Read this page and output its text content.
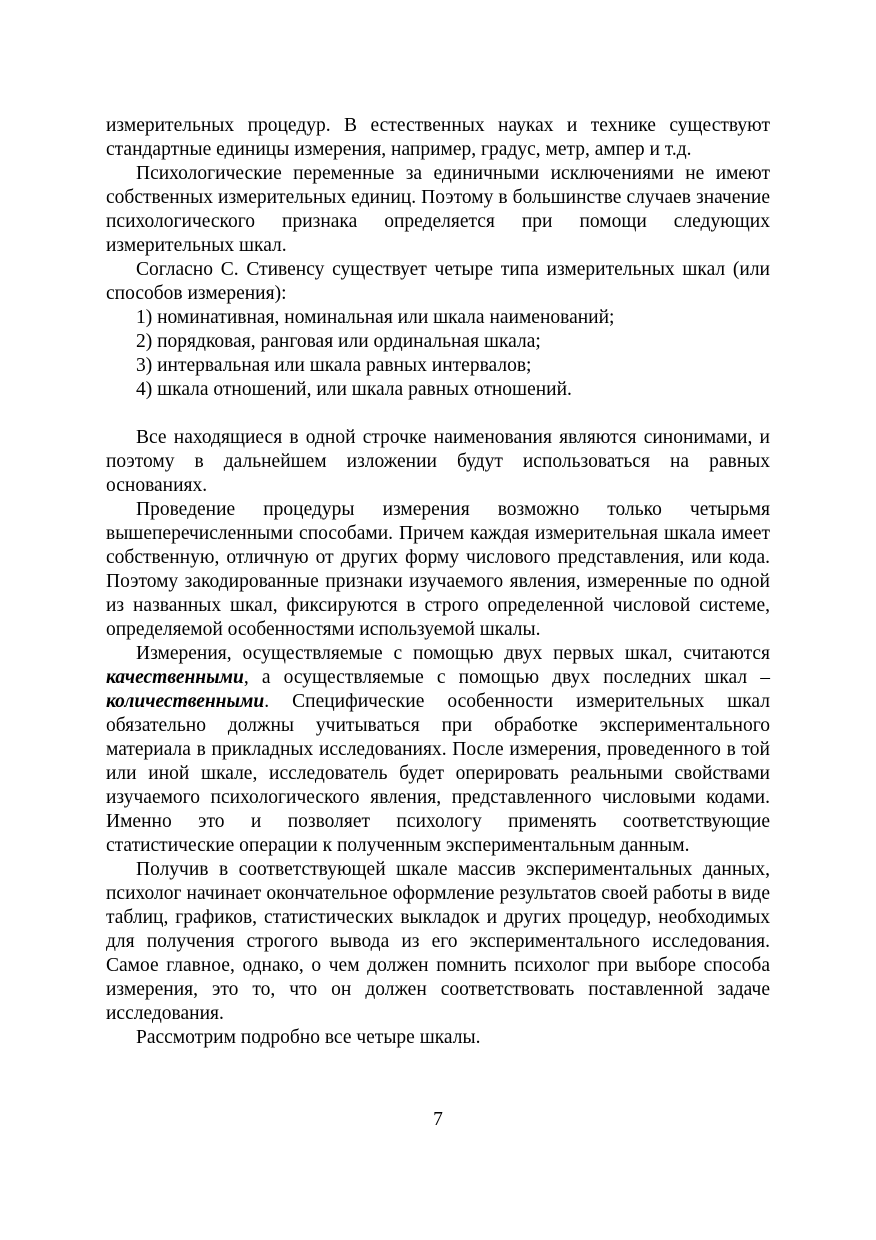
измерительных процедур. В естественных науках и технике существуют стандартные единицы измерения, например, градус, метр, ампер и т.д.

Психологические переменные за единичными исключениями не имеют собственных измерительных единиц. Поэтому в большинстве случаев значение психологического признака определяется при помощи следующих измерительных шкал.

Согласно С. Стивенсу существует четыре типа измерительных шкал (или способов измерения):

1) номинативная, номинальная или шкала наименований;
2) порядковая, ранговая или ординальная шкала;
3) интервальная или шкала равных интервалов;
4) шкала отношений, или шкала равных отношений.

Все находящиеся в одной строчке наименования являются синонимами, и поэтому в дальнейшем изложении будут использоваться на равных основаниях.

Проведение процедуры измерения возможно только четырьмя вышеперечисленными способами. Причем каждая измерительная шкала имеет собственную, отличную от других форму числового представления, или кода. Поэтому закодированные признаки изучаемого явления, измеренные по одной из названных шкал, фиксируются в строго определенной числовой системе, определяемой особенностями используемой шкалы.

Измерения, осуществляемые с помощью двух первых шкал, считаются качественными, а осуществляемые с помощью двух последних шкал – количественными. Специфические особенности измерительных шкал обязательно должны учитываться при обработке экспериментального материала в прикладных исследованиях. После измерения, проведенного в той или иной шкале, исследователь будет оперировать реальными свойствами изучаемого психологического явления, представленного числовыми кодами. Именно это и позволяет психологу применять соответствующие статистические операции к полученным экспериментальным данным.

Получив в соответствующей шкале массив экспериментальных данных, психолог начинает окончательное оформление результатов своей работы в виде таблиц, графиков, статистических выкладок и других процедур, необходимых для получения строгого вывода из его экспериментального исследования. Самое главное, однако, о чем должен помнить психолог при выборе способа измерения, это то, что он должен соответствовать поставленной задаче исследования.

Рассмотрим подробно все четыре шкалы.

7
